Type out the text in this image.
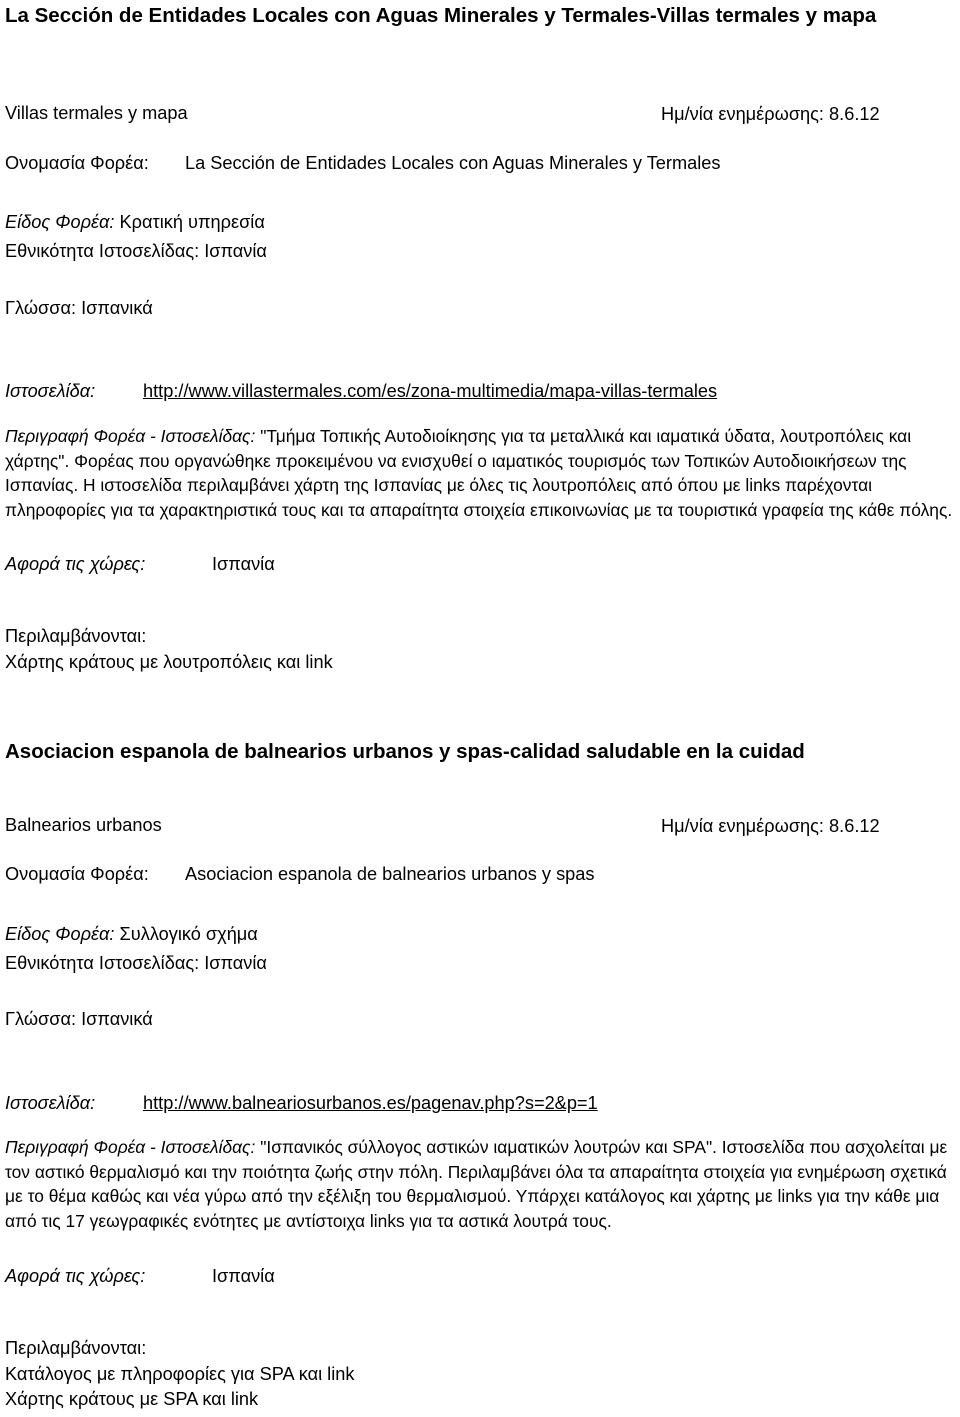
La Sección de Entidades Locales con Aguas Minerales y Termales-Villas termales y mapa
Villas termales y mapa	Ημ/νία ενημέρωσης: 8.6.12
Ονομασία Φορέα: La Sección de Entidades Locales con Aguas Minerales y Termales
Είδος Φορέα: Κρατική υπηρεσία
Εθνικότητα Ιστοσελίδας: Ισπανία
Γλώσσα: Ισπανικά
Ιστοσελίδα:	http://www.villastermales.com/es/zona-multimedia/mapa-villas-termales
Περιγραφή Φορέα - Ιστοσελίδας: "Τμήμα Τοπικής Αυτοδιοίκησης για τα μεταλλικά και ιαματικά ύδατα, λουτροπόλεις και χάρτης". Φορέας που οργανώθηκε προκειμένου να ενισχυθεί ο ιαματικός τουρισμός των Τοπικών Αυτοδιοικήσεων της Ισπανίας. Η ιστοσελίδα περιλαμβάνει χάρτη της Ισπανίας με όλες τις λουτροπόλεις από όπου με links παρέχονται πληροφορίες για τα χαρακτηριστικά τους και τα απαραίτητα στοιχεία επικοινωνίας με τα τουριστικά γραφεία της κάθε πόλης.
Αφορά τις χώρες:	Ισπανία
Περιλαμβάνονται:
Χάρτης κράτους με λουτροπόλεις και link
Asociacion espanola de balnearios urbanos y spas-calidad saludable en la cuidad
Balnearios urbanos	Ημ/νία ενημέρωσης: 8.6.12
Ονομασία Φορέα: Asociacion espanola de balnearios urbanos y spas
Είδος Φορέα: Συλλογικό σχήμα
Εθνικότητα Ιστοσελίδας: Ισπανία
Γλώσσα: Ισπανικά
Ιστοσελίδα:	http://www.balneariosurbanos.es/pagenav.php?s=2&p=1
Περιγραφή Φορέα - Ιστοσελίδας: "Ισπανικός σύλλογος αστικών ιαματικών λουτρών και SPA". Ιστοσελίδα που ασχολείται με τον αστικό θερμαλισμό και την ποιότητα ζωής στην πόλη. Περιλαμβάνει όλα τα απαραίτητα στοιχεία για ενημέρωση σχετικά με το θέμα καθώς και νέα γύρω από την εξέλιξη του θερμαλισμού. Υπάρχει κατάλογος και χάρτης με links για την κάθε μια από τις 17 γεωγραφικές ενότητες με αντίστοιχα links για τα αστικά λουτρά τους.
Αφορά τις χώρες:	Ισπανία
Περιλαμβάνονται:
Κατάλογος με πληροφορίες για SPA και link
Χάρτης κράτους με SPA και link
